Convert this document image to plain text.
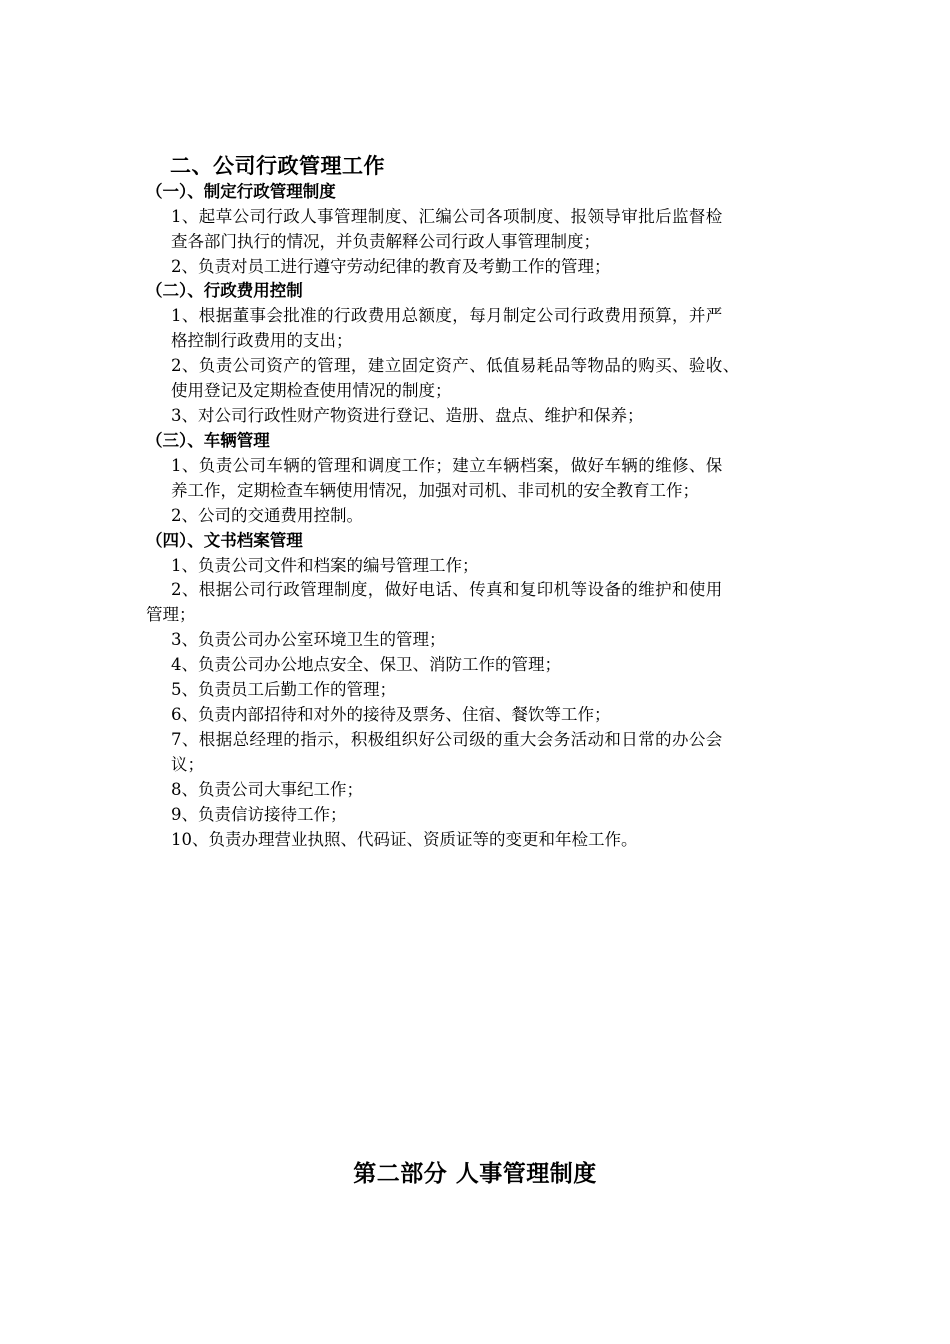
二、公司行政管理工作
（一）、制定行政管理制度
1、起草公司行政人事管理制度、汇编公司各项制度、报领导审批后监督检
查各部门执行的情况，并负责解释公司行政人事管理制度；
2、负责对员工进行遵守劳动纪律的教育及考勤工作的管理；
（二）、行政费用控制
1、根据董事会批准的行政费用总额度，每月制定公司行政费用预算，并严
格控制行政费用的支出；
2、负责公司资产的管理，建立固定资产、低值易耗品等物品的购买、验收、
使用登记及定期检查使用情况的制度；
3、对公司行政性财产物资进行登记、造册、盘点、维护和保养；
（三）、车辆管理
1、负责公司车辆的管理和调度工作；建立车辆档案，做好车辆的维修、保
养工作，定期检查车辆使用情况，加强对司机、非司机的安全教育工作；
2、公司的交通费用控制。
（四）、文书档案管理
1、负责公司文件和档案的编号管理工作；
2、根据公司行政管理制度，做好电话、传真和复印机等设备的维护和使用
管理；
3、负责公司办公室环境卫生的管理；
4、负责公司办公地点安全、保卫、消防工作的管理；
5、负责员工后勤工作的管理；
6、负责内部招待和对外的接待及票务、住宿、餐饮等工作；
7、根据总经理的指示，积极组织好公司级的重大会务活动和日常的办公会
议；
8、负责公司大事纪工作；
9、负责信访接待工作；
10、负责办理营业执照、代码证、资质证等的变更和年检工作。
第二部分 人事管理制度
